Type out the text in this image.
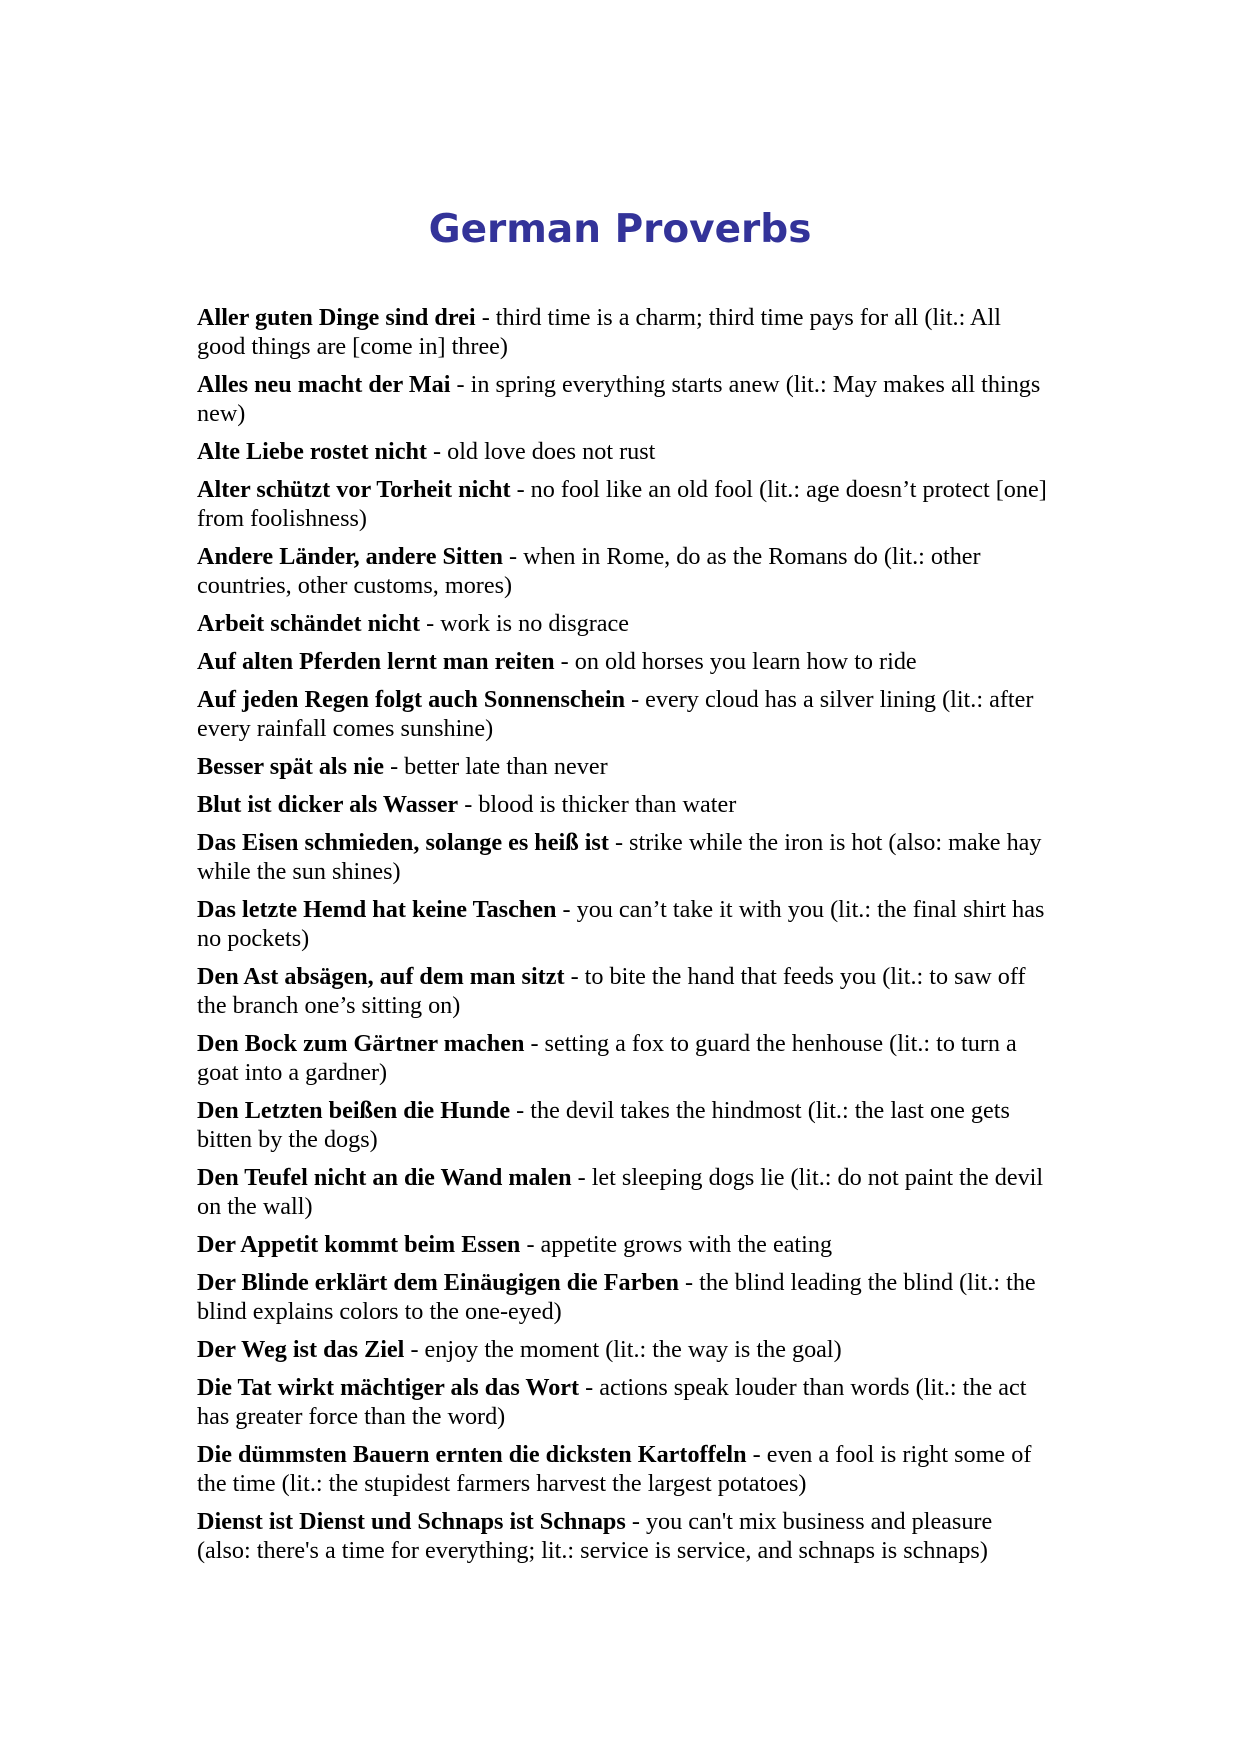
German Proverbs
Aller guten Dinge sind drei - third time is a charm; third time pays for all (lit.: All good things are [come in] three)
Alles neu macht der Mai - in spring everything starts anew (lit.: May makes all things new)
Alte Liebe rostet nicht - old love does not rust
Alter schützt vor Torheit nicht - no fool like an old fool (lit.: age doesn’t protect [one] from foolishness)
Andere Länder, andere Sitten - when in Rome, do as the Romans do (lit.: other countries, other customs, mores)
Arbeit schändet nicht - work is no disgrace
Auf alten Pferden lernt man reiten - on old horses you learn how to ride
Auf jeden Regen folgt auch Sonnenschein - every cloud has a silver lining (lit.: after every rainfall comes sunshine)
Besser spät als nie - better late than never
Blut ist dicker als Wasser - blood is thicker than water
Das Eisen schmieden, solange es heiß ist - strike while the iron is hot (also: make hay while the sun shines)
Das letzte Hemd hat keine Taschen - you can’t take it with you (lit.: the final shirt has no pockets)
Den Ast absägen, auf dem man sitzt - to bite the hand that feeds you (lit.: to saw off the branch one’s sitting on)
Den Bock zum Gärtner machen - setting a fox to guard the henhouse (lit.: to turn a goat into a gardner)
Den Letzten beißen die Hunde - the devil takes the hindmost (lit.: the last one gets bitten by the dogs)
Den Teufel nicht an die Wand malen - let sleeping dogs lie (lit.: do not paint the devil on the wall)
Der Appetit kommt beim Essen - appetite grows with the eating
Der Blinde erklärt dem Einäugigen die Farben - the blind leading the blind (lit.: the blind explains colors to the one-eyed)
Der Weg ist das Ziel - enjoy the moment (lit.: the way is the goal)
Die Tat wirkt mächtiger als das Wort - actions speak louder than words (lit.: the act has greater force than the word)
Die dümmsten Bauern ernten die dicksten Kartoffeln - even a fool is right some of the time (lit.: the stupidest farmers harvest the largest potatoes)
Dienst ist Dienst und Schnaps ist Schnaps - you can't mix business and pleasure (also: there's a time for everything; lit.: service is service, and schnaps is schnaps)
